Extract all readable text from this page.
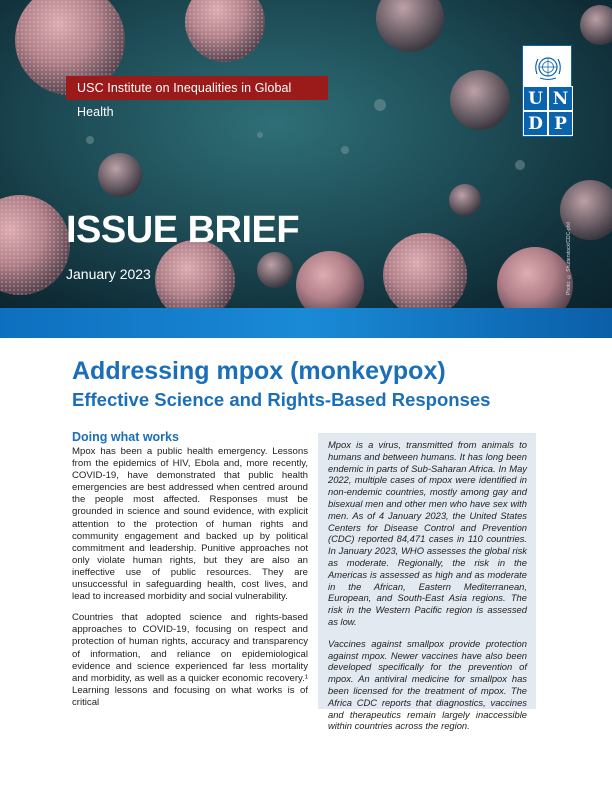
USC Institute on Inequalities in Global Health
U N
D P
ISSUE BRIEF
January 2023	Photo: © Shutterstock/CDC-phil
Addressing mpox (monkeypox)
Effective Science and Rights-Based Responses
Doing what works

Mpox has been a public health emergency. Lessons from the epidemics of HIV, Ebola and, more recently, COVID-19, have demonstrated that public health emergencies are best addressed when centred around the people most affected. Responses must be grounded in science and sound evidence, with explicit attention to the protection of human rights and community engagement and backed up by political commitment and leadership. Punitive approaches not only violate human rights, but they are also an ineffective use of public resources. They are unsuccessful in safeguarding health, cost lives, and lead to increased morbidity and social vulnerability.

Countries that adopted science and rights-based approaches to COVID-19, focusing on respect and protection of human rights, accuracy and transparency of information, and reliance on epidemiological evidence and science experienced far less mortality and morbidity, as well as a quicker economic recovery.¹ Learning lessons and focusing on what works is of critical

Mpox is a virus, transmitted from animals to humans and between humans. It has long been endemic in parts of Sub-Saharan Africa. In May 2022, multiple cases of mpox were identified in non-endemic countries, mostly among gay and bisexual men and other men who have sex with men. As of 4 January 2023, the United States Centers for Disease Control and Prevention (CDC) reported 84,471 cases in 110 countries. In January 2023, WHO assesses the global risk as moderate. Regionally, the risk in the Americas is assessed as high and as moderate in the African, Eastern Mediterranean, European, and South-East Asia regions. The risk in the Western Pacific region is assessed as low.

Vaccines against smallpox provide protection against mpox. Newer vaccines have also been developed specifically for the prevention of mpox. An antiviral medicine for smallpox has been licensed for the treatment of mpox. The Africa CDC reports that diagnostics, vaccines and therapeutics remain largely inaccessible within countries across the region.
